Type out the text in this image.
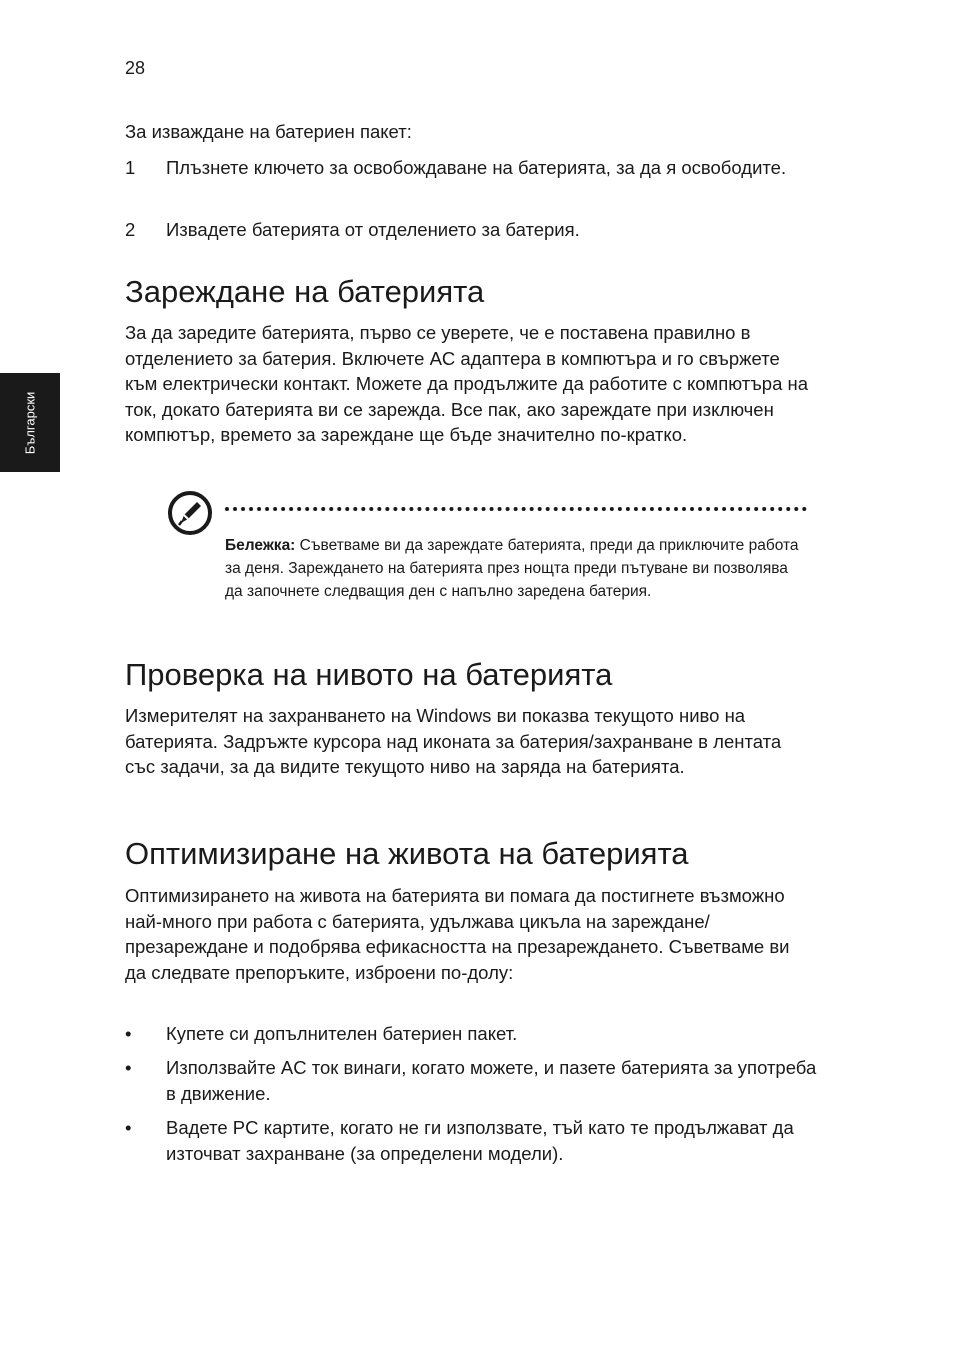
28
Български

За изваждане на батериен пакет:

1 Плъзнете ключето за освобождаване на батерията, за да я освободите.
2 Извадете батерията от отделението за батерия.
Зареждане на батерията

За да заредите батерията, първо се уверете, че е поставена правилно в отделението за батерия. Включете AC адаптера в компютъра и го свържете към електрически контакт. Можете да продължите да работите с компютъра на ток, докато батерията ви се зарежда. Все пак, ако зареждате при изключен компютър, времето за зареждане ще бъде значително по-кратко.

Бележка: Съветваме ви да зареждате батерията, преди да приключите работа за деня. Зареждането на батерията през нощта преди пътуване ви позволява да започнете следващия ден с напълно заредена батерия.

Проверка на нивото на батерията

Измерителят на захранването на Windows ви показва текущото ниво на батерията. Задръжте курсора над иконата за батерия/захранване в лентата със задачи, за да видите текущото ниво на заряда на батерията.

Оптимизиране на живота на батерията

Оптимизирането на живота на батерията ви помага да постигнете възможно най-много при работа с батерията, удължава цикъла на зареждане/презареждане и подобрява ефикасността на презареждането. Съветваме ви да следвате препоръките, изброени по-долу:

• Купете си допълнителен батериен пакет.
• Използвайте AC ток винаги, когато можете, и пазете батерията за употреба в движение.
• Вадете PC картите, когато не ги използвате, тъй като те продължават да източват захранване (за определени модели).
